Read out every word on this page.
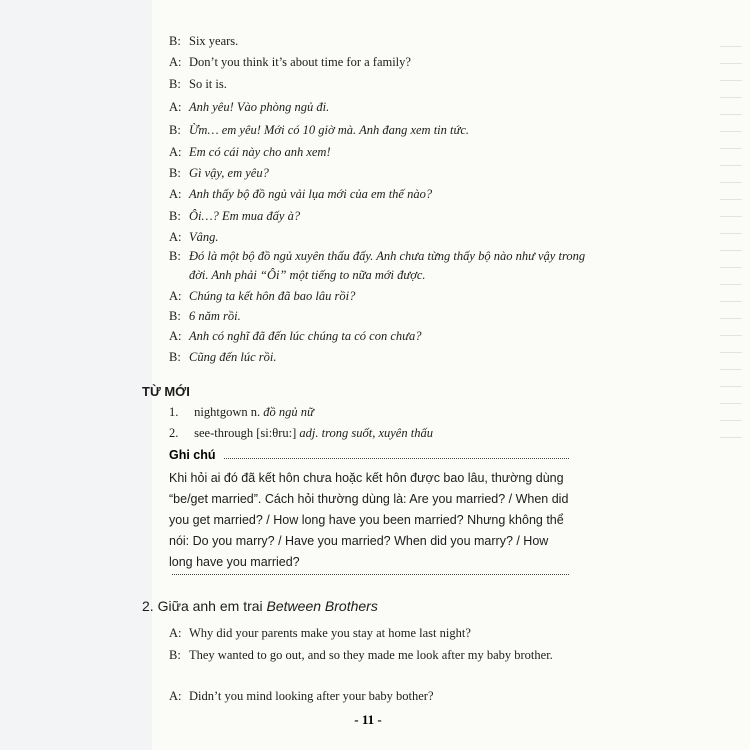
B: Six years.
A: Don’t you think it’s about time for a family?
B: So it is.
A: Anh yêu! Vào phòng ngủ đi.
B: Ừm… em yêu! Mới có 10 giờ mà. Anh đang xem tin tức.
A: Em có cái này cho anh xem!
B: Gì vậy, em yêu?
A: Anh thấy bộ đồ ngủ vải lụa mới của em thế nào?
B: Ôi…? Em mua đấy à?
A: Vâng.
B: Đó là một bộ đồ ngủ xuyên thấu đấy. Anh chưa từng thấy bộ nào như vậy trong đời. Anh phải “Ôi” một tiếng to nữa mới được.
A: Chúng ta kết hôn đã bao lâu rồi?
B: 6 năm rồi.
A: Anh có nghĩ đã đến lúc chúng ta có con chưa?
B: Cũng đến lúc rồi.
TỪ MỚI
1. nightgown n. đồ ngủ nữ
2. see-through [si:θru:] adj. trong suốt, xuyên thấu
Ghi chú
Khi hỏi ai đó đã kết hôn chưa hoặc kết hôn được bao lâu, thường dùng “be/get married”. Cách hỏi thường dùng là: Are you married? / When did you get married? / How long have you been married? Nhưng không thể nói: Do you marry? / Have you married? When did you marry? / How long have you married?
2. Giữa anh em trai Between Brothers
A: Why did your parents make you stay at home last night?
B: They wanted to go out, and so they made me look after my baby brother.
A: Didn’t you mind looking after your baby bother?
- 11 -
